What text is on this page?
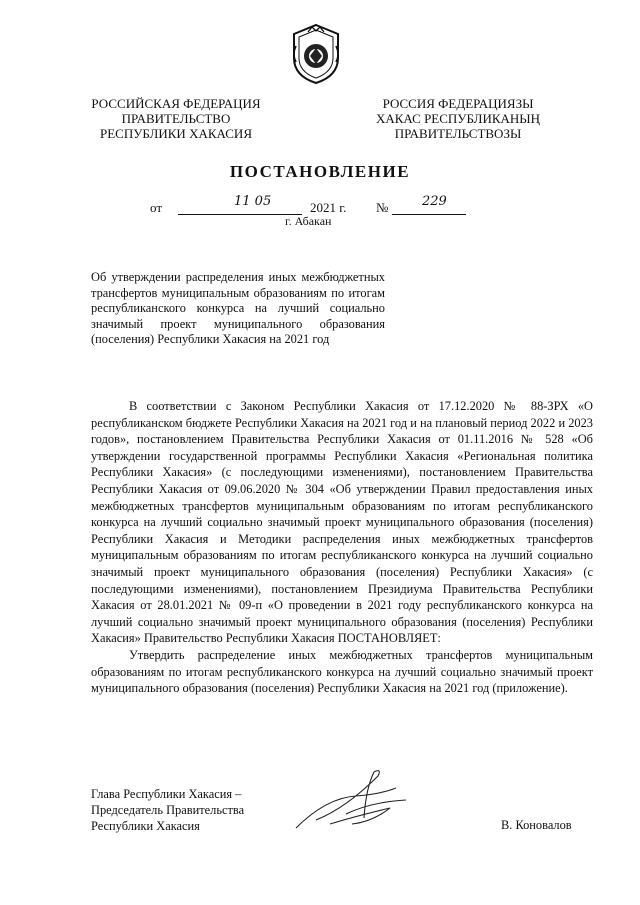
РОССИЙСКАЯ ФЕДЕРАЦИЯ
ПРАВИТЕЛЬСТВО
РЕСПУБЛИКИ ХАКАСИЯ
РОССИЯ ФЕДЕРАЦИЯЗЫ
ХАКАС РЕСПУБЛИКАНЫҢ
ПРАВИТЕЛЬСТВОЗЫ
ПОСТАНОВЛЕНИЕ
от	11 05	2021 г. №	229
г. Абакан
Об утверждении распределения иных межбюджетных трансфертов муниципальным образованиям по итогам республиканского конкурса на лучший социально значимый проект муниципального образования (поселения) Республики Хакасия на 2021 год

В соответствии с Законом Республики Хакасия от 17.12.2020 № 88-ЗРХ «О республиканском бюджете Республики Хакасия на 2021 год и на плановый период 2022 и 2023 годов», постановлением Правительства Республики Хакасия от 01.11.2016 № 528 «Об утверждении государственной программы Республики Хакасия «Региональная политика Республики Хакасия» (с последующими изменениями), постановлением Правительства Республики Хакасия от 09.06.2020 № 304 «Об утверждении Правил предоставления иных межбюджетных трансфертов муниципальным образованиям по итогам республиканского конкурса на лучший социально значимый проект муниципального образования (поселения) Республики Хакасия и Методики распределения иных межбюджетных трансфертов муниципальным образованиям по итогам республиканского конкурса на лучший социально значимый проект муниципального образования (поселения) Республики Хакасия» (с последующими изменениями), постановлением Президиума Правительства Республики Хакасия от 28.01.2021 № 09-п «О проведении в 2021 году республиканского конкурса на лучший социально значимый проект муниципального образования (поселения) Республики Хакасия» Правительство Республики Хакасия ПОСТАНОВЛЯЕТ:

Утвердить распределение иных межбюджетных трансфертов муниципальным образованиям по итогам республиканского конкурса на лучший социально значимый проект муниципального образования (поселения) Республики Хакасия на 2021 год (приложение).

Глава Республики Хакасия –
Председатель Правительства
Республики Хакасия	В. Коновалов
